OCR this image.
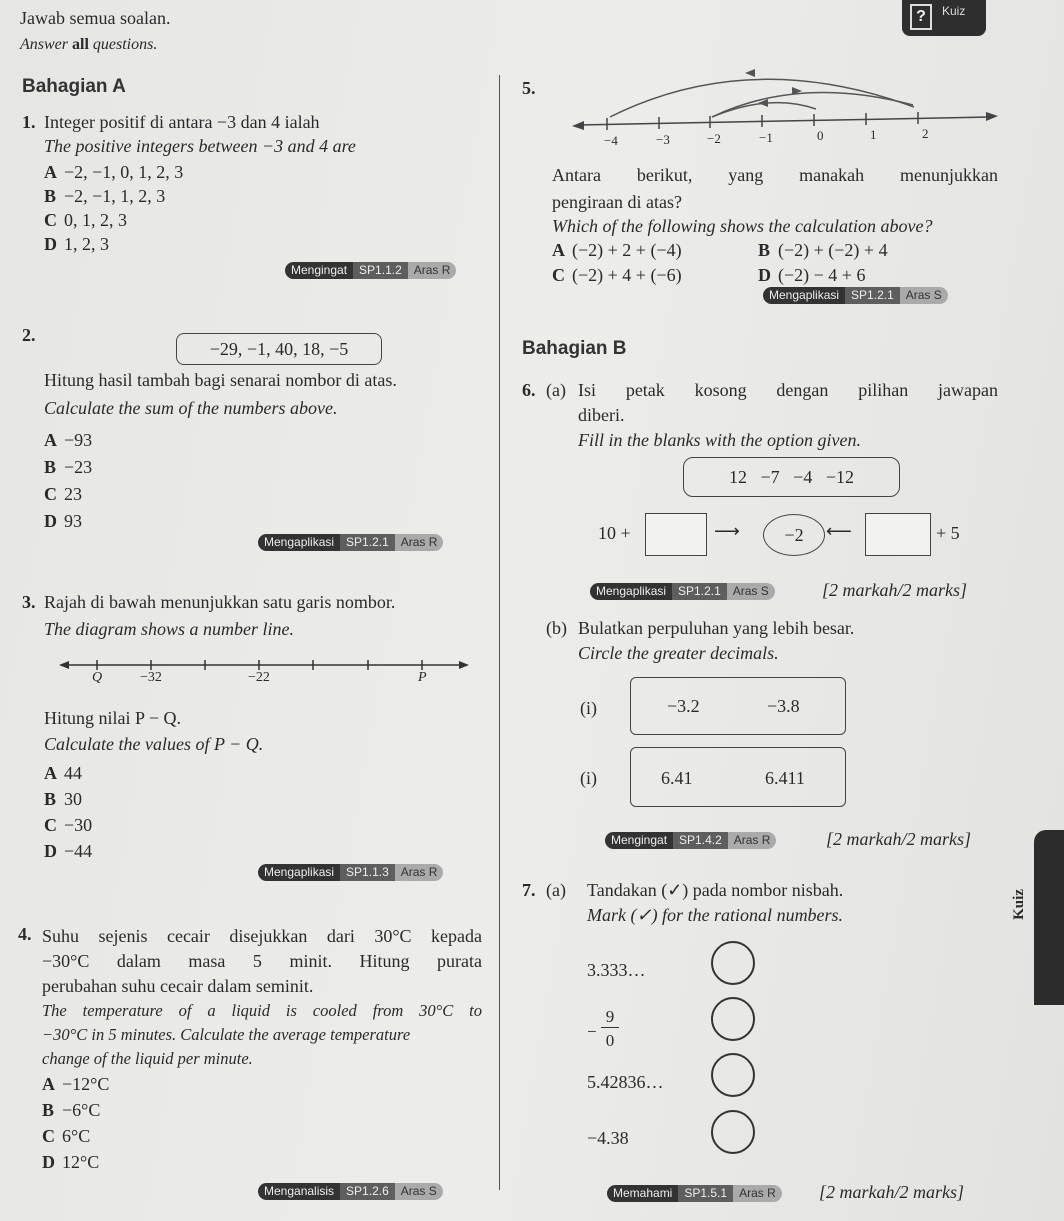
Jawab semua soalan.
Answer all questions.
?	Kuiz
Bahagian A
1. Integer positif di antara −3 dan 4 ialah
The positive integers between −3 and 4 are
A −2, −1, 0, 1, 2, 3
B −2, −1, 1, 2, 3
C 0, 1, 2, 3
D 1, 2, 3
Mengingat	SP1.1.2	Aras R
2.
−29, −1, 40, 18, −5
Hitung hasil tambah bagi senarai nombor di atas.
Calculate the sum of the numbers above.
A −93
B −23
C 23
D 93
Mengaplikasi	SP1.2.1	Aras R
3. Rajah di bawah menunjukkan satu garis nombor.
The diagram shows a number line.
Q	−32	−22	P
Hitung nilai P − Q.
Calculate the values of P − Q.
A 44
B 30
C −30
D −44
Mengaplikasi	SP1.1.3	Aras R
4. Suhu sejenis cecair disejukkan dari 30°C kepada
−30°C dalam masa 5 minit. Hitung purata
perubahan suhu cecair dalam seminit.
The temperature of a liquid is cooled from 30°C to
−30°C in 5 minutes. Calculate the average temperature
change of the liquid per minute.
A −12°C
B −6°C
C 6°C
D 12°C
Menganalisis	SP1.2.6	Aras S
5.
−4	−3	−2	−1	0	1	2
Antara berikut, yang manakah menunjukkan
pengiraan di atas?
Which of the following shows the calculation above?
A (−2) + 2 + (−4)	B (−2) + (−2) + 4
C (−2) + 4 + (−6)	D (−2) − 4 + 6
Mengaplikasi	SP1.2.1	Aras S
Bahagian B
6. (a) Isi petak kosong dengan pilihan jawapan
diberi.
Fill in the blanks with the option given.
12   −7   −4   −12
10 +	⟶	−2	⟵	+ 5
Mengaplikasi	SP1.2.1	Aras S	[2 markah/2 marks]
(b) Bulatkan perpuluhan yang lebih besar.
Circle the greater decimals.
(i)	−3.2	−3.8
(i)	6.41	6.411
Mengingat	SP1.4.2	Aras R	[2 markah/2 marks]
7. (a) Tandakan (✓) pada nombor nisbah.
Mark (✓) for the rational numbers.
3.333…
−
9
0
5.42836…
−4.38
Memahami	SP1.5.1	Aras R	[2 markah/2 marks]
Kuiz
